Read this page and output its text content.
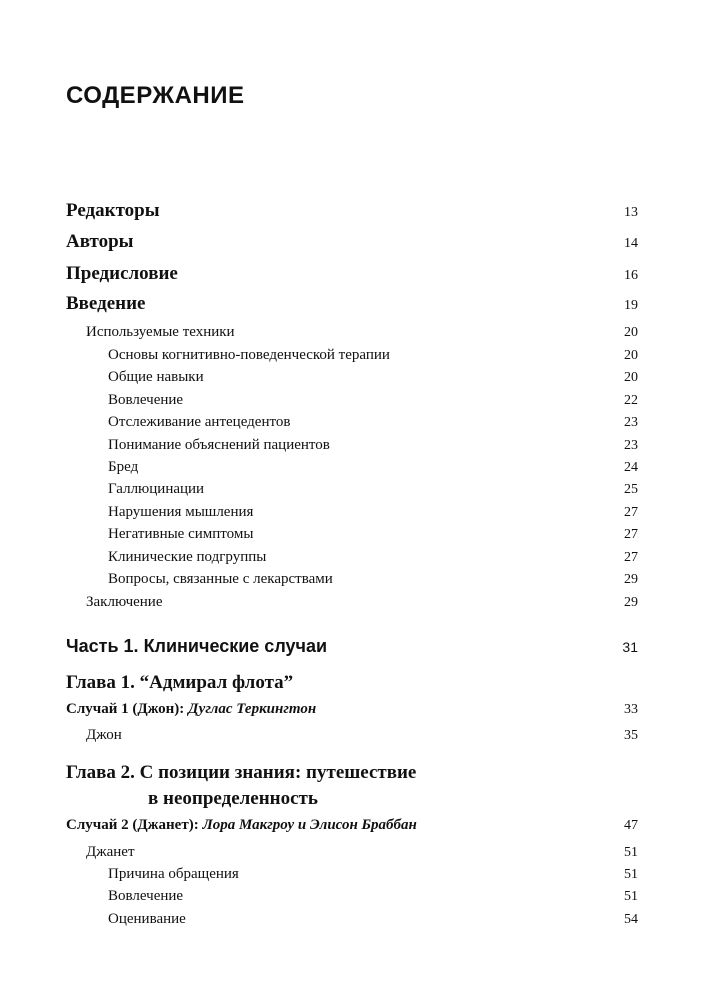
СОДЕРЖАНИЕ
Редакторы	13
Авторы	14
Предисловие	16
Введение	19
Используемые техники	20
Основы когнитивно-поведенческой терапии	20
Общие навыки	20
Вовлечение	22
Отслеживание антецедентов	23
Понимание объяснений пациентов	23
Бред	24
Галлюцинации	25
Нарушения мышления	27
Негативные симптомы	27
Клинические подгруппы	27
Вопросы, связанные с лекарствами	29
Заключение	29
Часть 1. Клинические случаи	31
Глава 1. “Адмирал флота”
Случай 1 (Джон): Дуглас Теркингтон	33
Джон	35
Глава 2. С позиции знания: путешествие
в неопределенность
Случай 2 (Джанет): Лора Макгроу и Элисон Браббан	47
Джанет	51
Причина обращения	51
Вовлечение	51
Оценивание	54
